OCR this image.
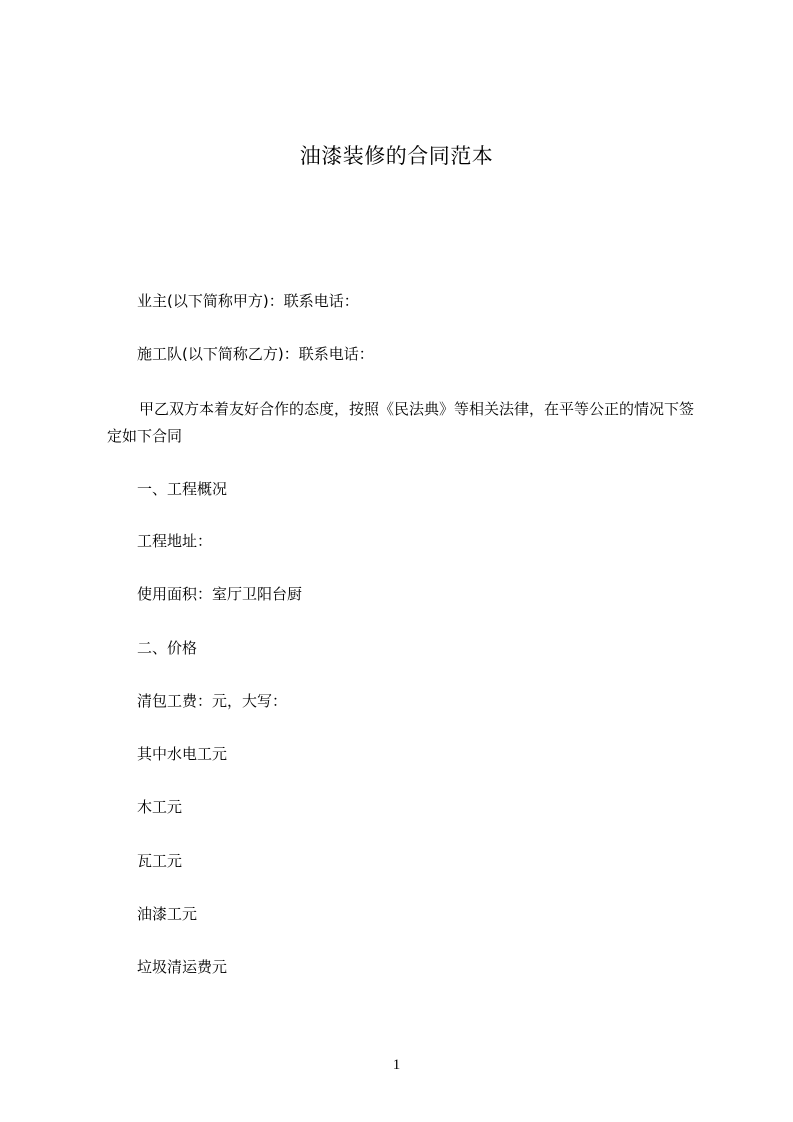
油漆装修的合同范本
业主(以下简称甲方)：联系电话：
施工队(以下简称乙方)：联系电话：
甲乙双方本着友好合作的态度，按照《民法典》等相关法律，在平等公正的情况下签定如下合同
一、工程概况
工程地址：
使用面积：室厅卫阳台厨
二、价格
清包工费：元，大写：
其中水电工元
木工元
瓦工元
油漆工元
垃圾清运费元
1
